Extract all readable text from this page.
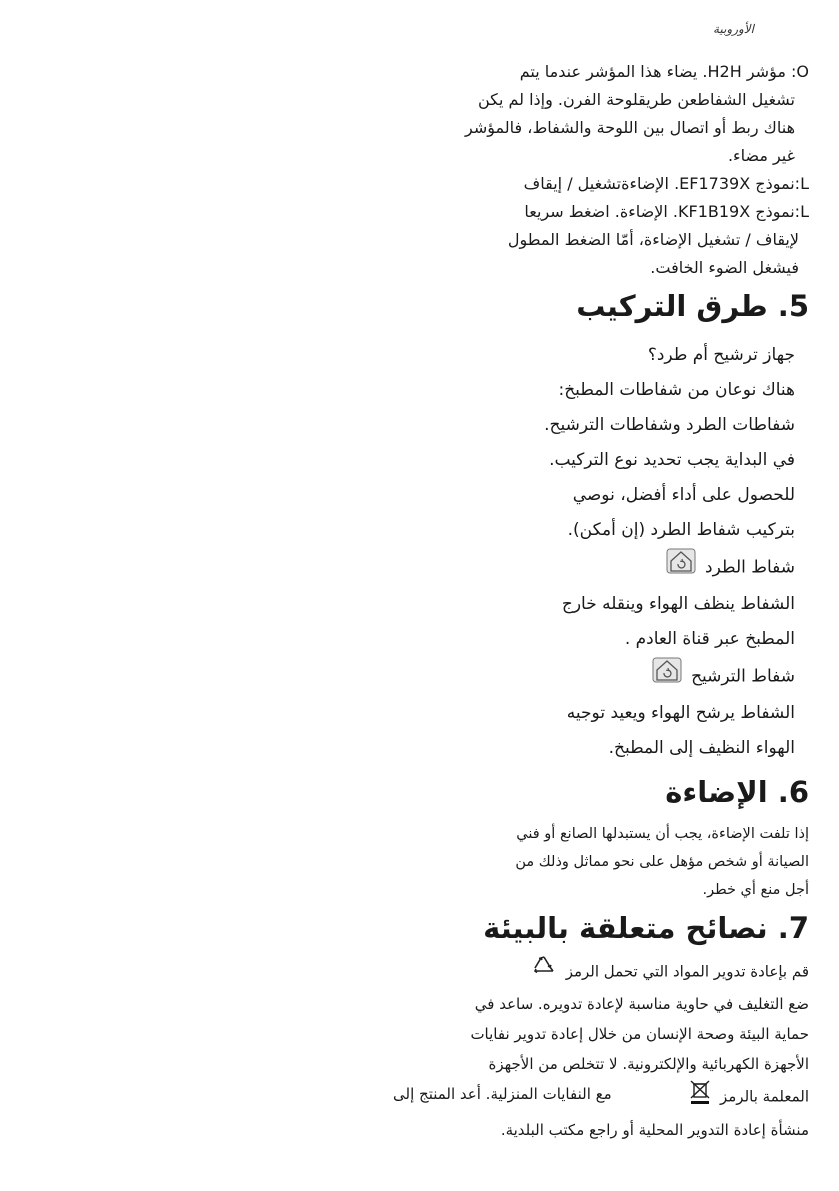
الأوروبية

O: مؤشر H2H. يضاء هذا المؤشر عندما يتم

تشغيل الشفاطعن طريقلوحة الفرن. وإذا لم يكن

هناك ربط أو اتصال بين اللوحة والشفاط، فالمؤشر

غير مضاء.

L:نموذج EF1739X. الإضاءةتشغيل / إيقاف

L:نموذج KF1B19X. الإضاءة. اضغط سريعا

لإيقاف / تشغيل الإضاءة، أمّا الضغط المطول

فيشغل الضوء الخافت.

5. طرق التركيب

جهاز ترشيح أم طرد؟

هناك نوعان من شفاطات المطبخ:

شفاطات الطرد وشفاطات الترشيح.

في البداية يجب تحديد نوع التركيب.

للحصول على أداء أفضل، نوصي

بتركيب شفاط الطرد (إن أمكن).

شفاط الطرد

الشفاط ينظف الهواء وينقله خارج

المطبخ عبر قناة العادم .

شفاط الترشيح

الشفاط يرشح الهواء ويعيد توجيه

الهواء النظيف إلى المطبخ.

6. الإضاءة

إذا تلفت الإضاءة، يجب أن يستبدلها الصانع أو فني

الصيانة أو شخص مؤهل على نحو مماثل وذلك من

أجل منع أي خطر.

7. نصائح متعلقة بالبيئة

قم بإعادة تدوير المواد التي تحمل الرمز

ضع التغليف في حاوية مناسبة لإعادة تدويره. ساعد في

حماية البيئة وصحة الإنسان من خلال إعادة تدوير نفايات

الأجهزة الكهربائية والإلكترونية. لا تتخلص من الأجهزة

المعلمة بالرمز
مع النفايات المنزلية. أعد المنتج إلى

منشأة إعادة التدوير المحلية أو راجع مكتب البلدية.
